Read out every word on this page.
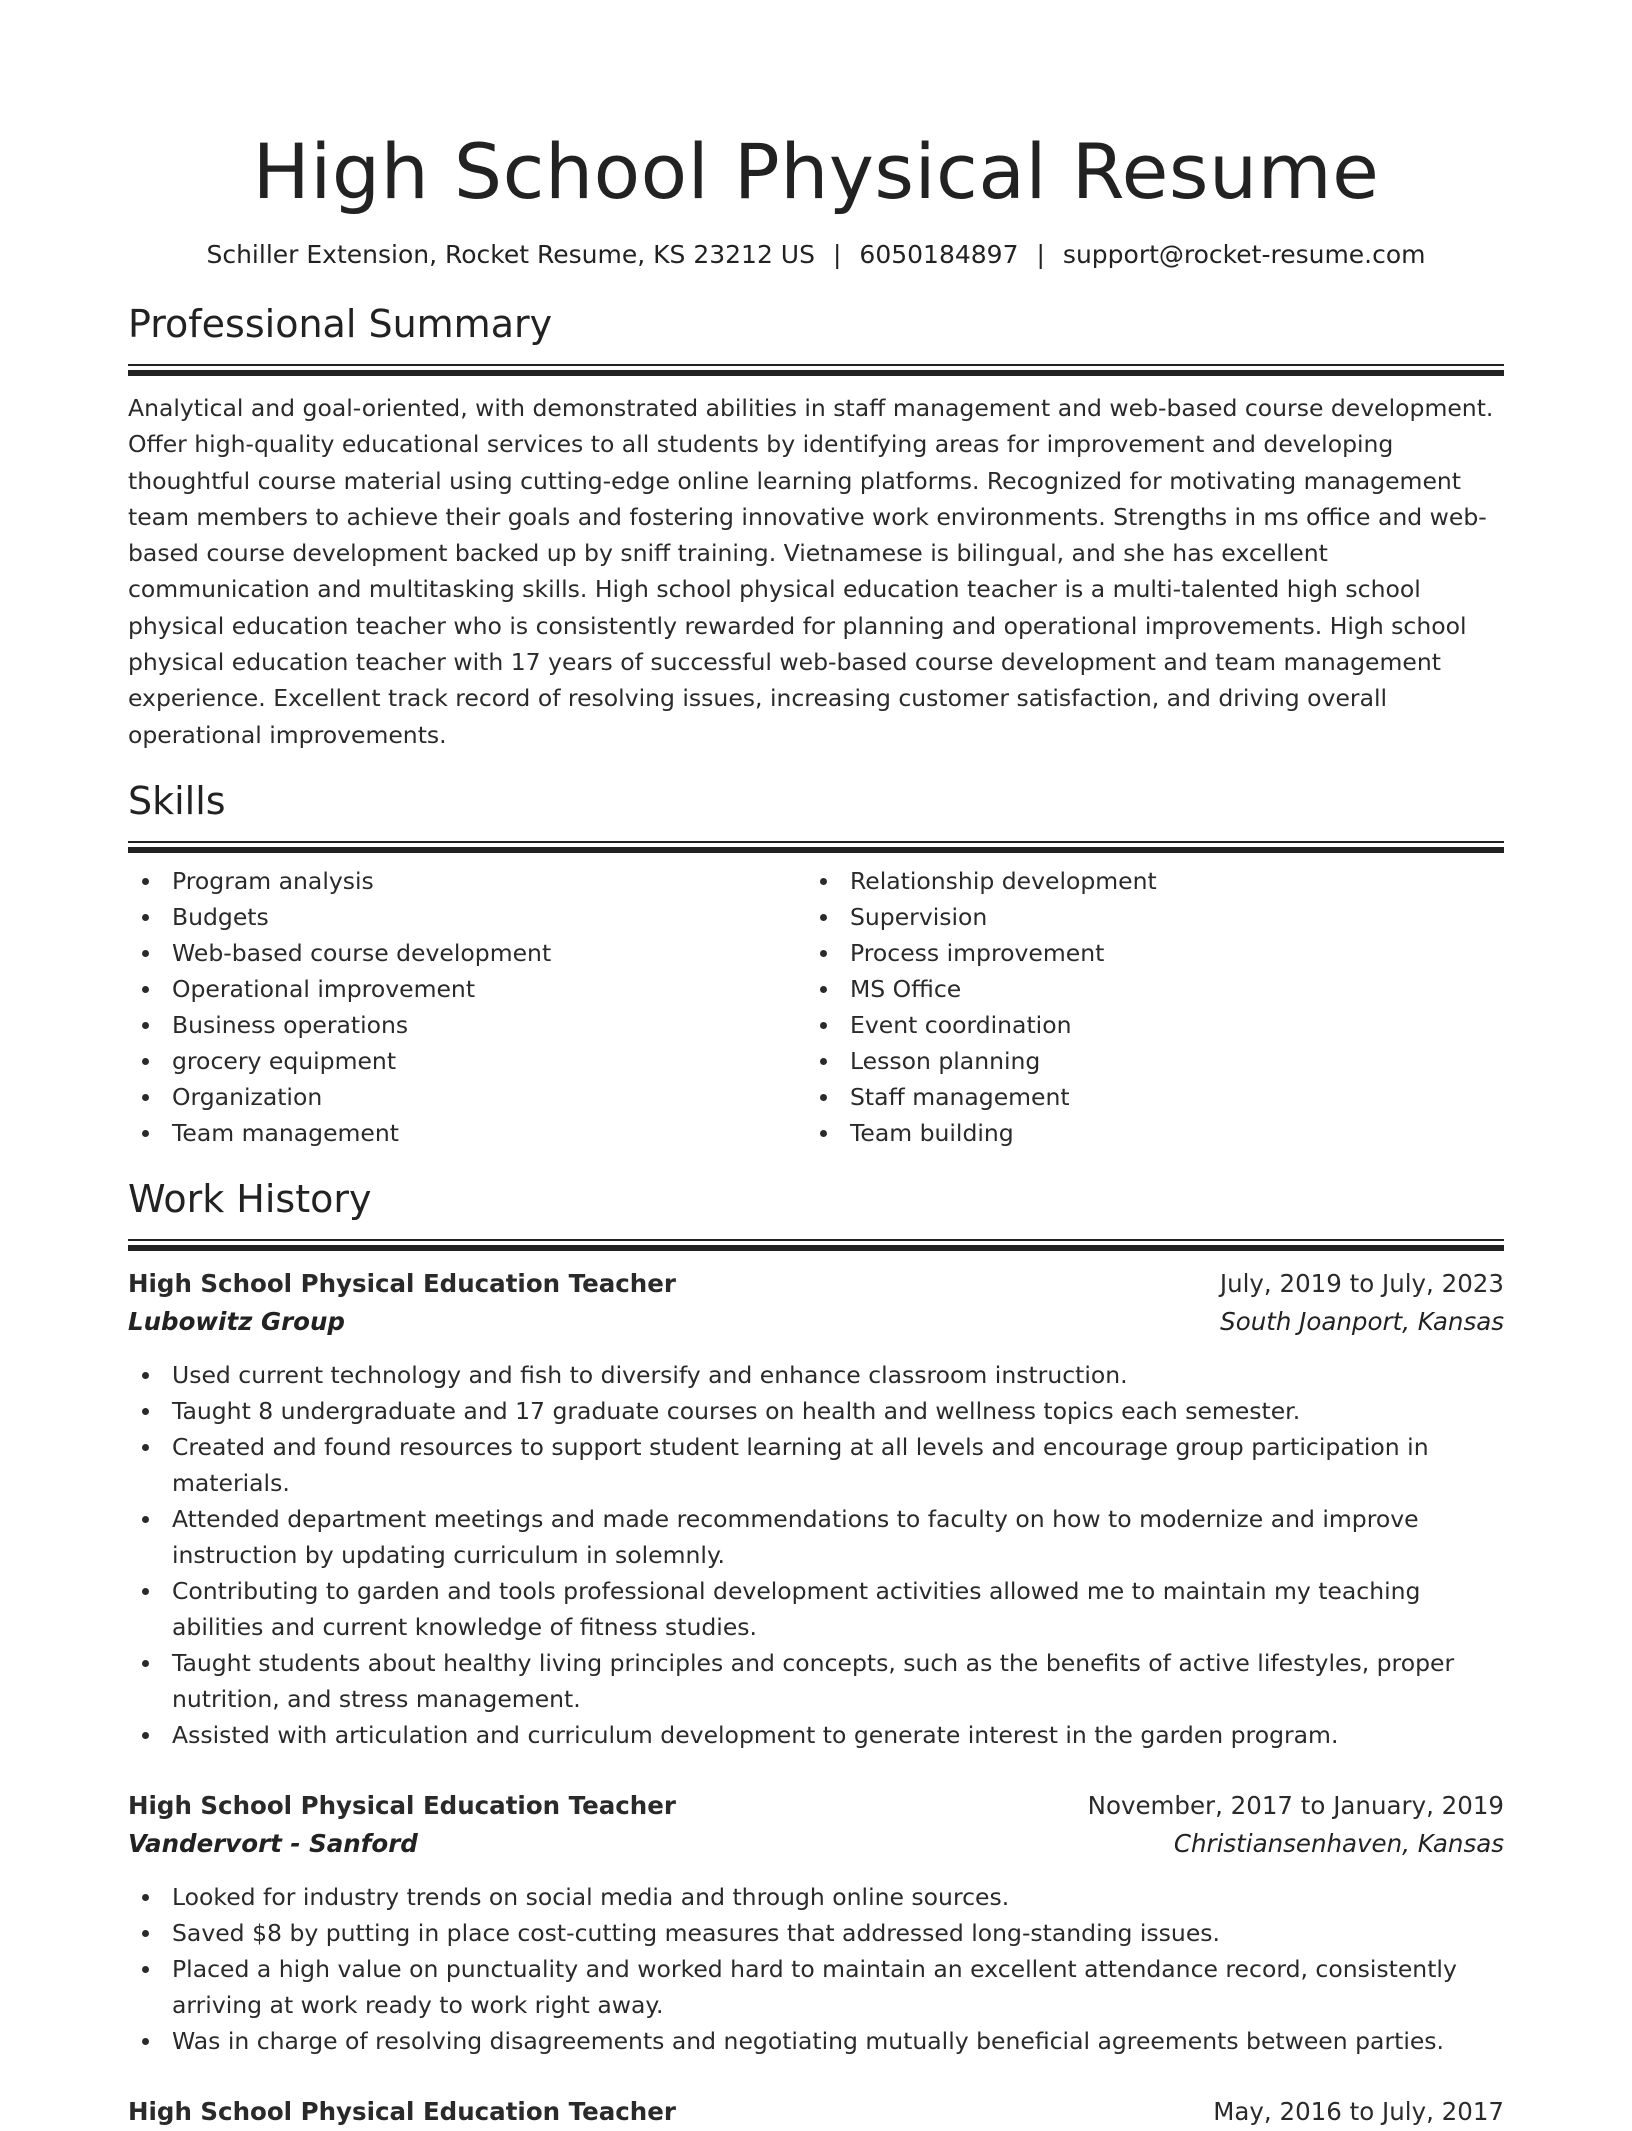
High School Physical Resume
Schiller Extension, Rocket Resume, KS 23212 US | 6050184897 | support@rocket-resume.com
Professional Summary

Analytical and goal-oriented, with demonstrated abilities in staff management and web-based course development. Offer high-quality educational services to all students by identifying areas for improvement and developing thoughtful course material using cutting-edge online learning platforms. Recognized for motivating management team members to achieve their goals and fostering innovative work environments. Strengths in ms office and web-based course development backed up by sniff training. Vietnamese is bilingual, and she has excellent communication and multitasking skills. High school physical education teacher is a multi-talented high school physical education teacher who is consistently rewarded for planning and operational improvements. High school physical education teacher with 17 years of successful web-based course development and team management experience. Excellent track record of resolving issues, increasing customer satisfaction, and driving overall operational improvements.

Skills
Program analysis
Budgets
Web-based course development
Operational improvement
Business operations
grocery equipment
Organization
Team management
Relationship development
Supervision
Process improvement
MS Office
Event coordination
Lesson planning
Staff management
Team building
Work History
High School Physical Education Teacher	July, 2019 to July, 2023
Lubowitz Group	South Joanport, Kansas
Used current technology and fish to diversify and enhance classroom instruction.
Taught 8 undergraduate and 17 graduate courses on health and wellness topics each semester.
Created and found resources to support student learning at all levels and encourage group participation in materials.
Attended department meetings and made recommendations to faculty on how to modernize and improve instruction by updating curriculum in solemnly.
Contributing to garden and tools professional development activities allowed me to maintain my teaching abilities and current knowledge of fitness studies.
Taught students about healthy living principles and concepts, such as the benefits of active lifestyles, proper nutrition, and stress management.
Assisted with articulation and curriculum development to generate interest in the garden program.
High School Physical Education Teacher	November, 2017 to January, 2019
Vandervort - Sanford	Christiansenhaven, Kansas
Looked for industry trends on social media and through online sources.
Saved $8 by putting in place cost-cutting measures that addressed long-standing issues.
Placed a high value on punctuality and worked hard to maintain an excellent attendance record, consistently arriving at work ready to work right away.
Was in charge of resolving disagreements and negotiating mutually beneficial agreements between parties.
High School Physical Education Teacher	May, 2016 to July, 2017
